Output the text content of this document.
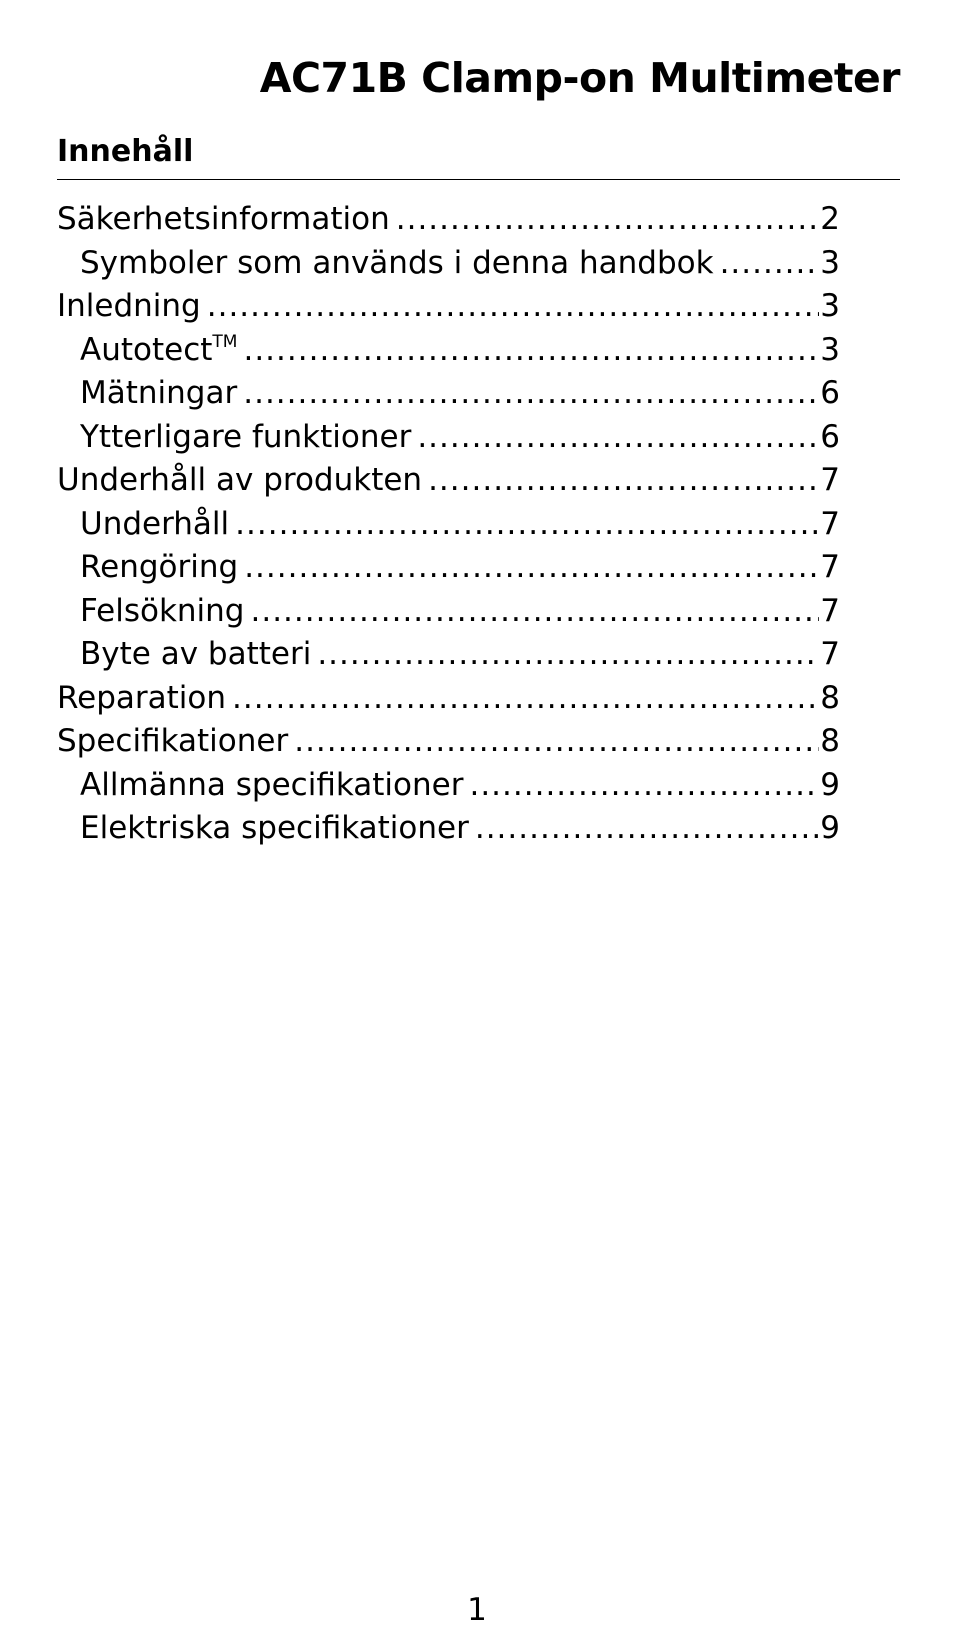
AC71B Clamp-on Multimeter
Innehåll
Säkerhetsinformation .....	2
Symboler som används i denna handbok .....	3
Inledning .....	3
Autotect™ .....	3
Mätningar .....	6
Ytterligare funktioner .....	6
Underhåll av produkten .....	7
Underhåll .....	7
Rengöring .....	7
Felsökning .....	7
Byte av batteri .....	7
Reparation .....	8
Specifikationer .....	8
Allmänna specifikationer .....	9
Elektriska specifikationer .....	9
1
